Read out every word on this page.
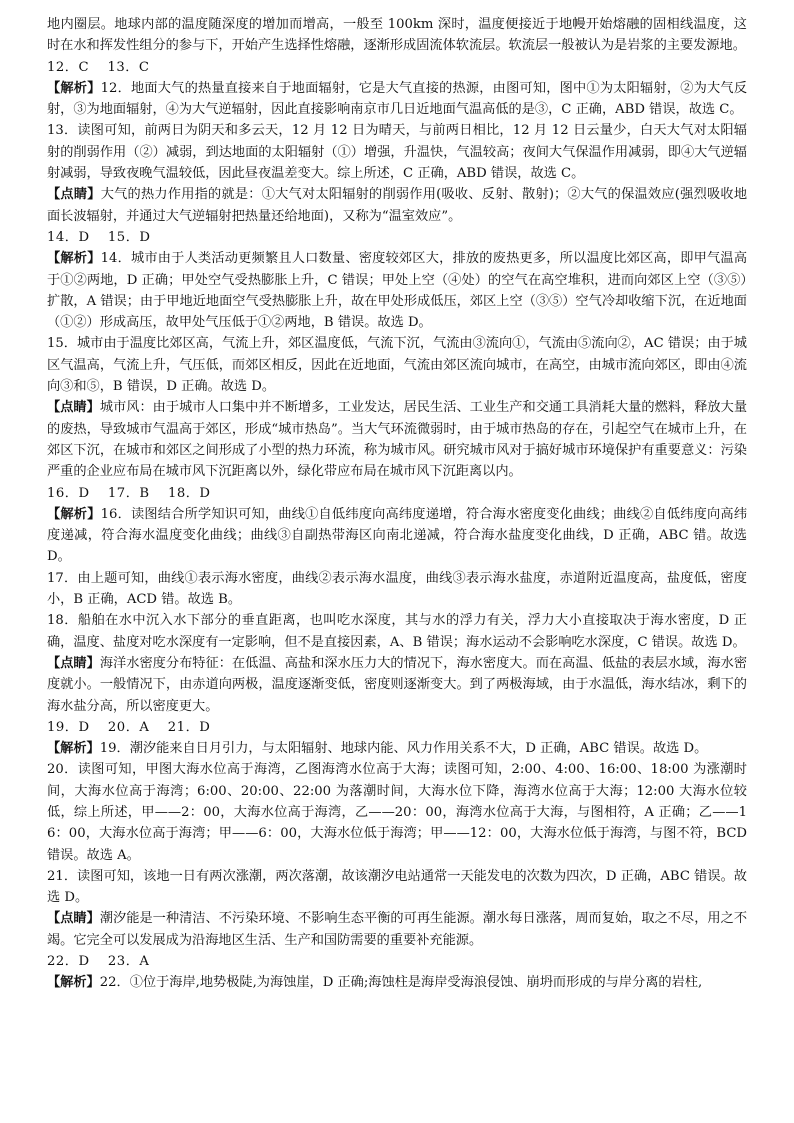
地内圈层。地球内部的温度随深度的增加而增高，一般至 100km 深时，温度便接近于地幔开始熔融的固相线温度，这时在水和挥发性组分的参与下，开始产生选择性熔融，逐渐形成固流体软流层。软流层一般被认为是岩浆的主要发源地。

12．C　 13．C

【解析】12．地面大气的热量直接来自于地面辐射，它是大气直接的热源，由图可知，图中①为太阳辐射，②为大气反射，③为地面辐射，④为大气逆辐射，因此直接影响南京市几日近地面气温高低的是③，C 正确，ABD 错误，故选 C。

13．读图可知，前两日为阴天和多云天，12 月 12 日为晴天，与前两日相比，12 月 12 日云量少，白天大气对太阳辐射的削弱作用（②）减弱，到达地面的太阳辐射（①）增强，升温快，气温较高；夜间大气保温作用减弱，即④大气逆辐射减弱，导致夜晚气温较低，因此昼夜温差变大。综上所述，C 正确，ABD 错误，故选 C。

【点睛】大气的热力作用指的就是：①大气对太阳辐射的削弱作用(吸收、反射、散射)；②大气的保温效应(强烈吸收地面长波辐射，并通过大气逆辐射把热量还给地面)，又称为“温室效应”。

14．D　 15．D

【解析】14．城市由于人类活动更频繁且人口数量、密度较郊区大，排放的废热更多，所以温度比郊区高，即甲气温高于①②两地，D 正确；甲处空气受热膨胀上升，C 错误；甲处上空（④处）的空气在高空堆积，进而向郊区上空（③⑤）扩散，A 错误；由于甲地近地面空气受热膨胀上升，故在甲处形成低压，郊区上空（③⑤）空气冷却收缩下沉，在近地面（①②）形成高压，故甲处气压低于①②两地，B 错误。故选 D。

15．城市由于温度比郊区高，气流上升，郊区温度低，气流下沉，气流由③流向①，气流由⑤流向②，AC 错误；由于城区气温高，气流上升，气压低，而郊区相反，因此在近地面，气流由郊区流向城市，在高空，由城市流向郊区，即由④流向③和⑤，B 错误，D 正确。故选 D。

【点睛】城市风：由于城市人口集中并不断增多，工业发达，居民生活、工业生产和交通工具消耗大量的燃料，释放大量的废热，导致城市气温高于郊区，形成“城市热岛”。当大气环流微弱时，由于城市热岛的存在，引起空气在城市上升，在郊区下沉，在城市和郊区之间形成了小型的热力环流，称为城市风。研究城市风对于搞好城市环境保护有重要意义：污染严重的企业应布局在城市风下沉距离以外，绿化带应布局在城市风下沉距离以内。

16．D　 17．B　 18．D

【解析】16．读图结合所学知识可知，曲线①自低纬度向高纬度递增，符合海水密度变化曲线；曲线②自低纬度向高纬度递减，符合海水温度变化曲线；曲线③自副热带海区向南北递减，符合海水盐度变化曲线，D 正确，ABC 错。故选 D。

17．由上题可知，曲线①表示海水密度，曲线②表示海水温度，曲线③表示海水盐度，赤道附近温度高，盐度低，密度小，B 正确，ACD 错。故选 B。

18．船舶在水中沉入水下部分的垂直距离，也叫吃水深度，其与水的浮力有关，浮力大小直接取决于海水密度，D 正确，温度、盐度对吃水深度有一定影响，但不是直接因素，A、B 错误；海水运动不会影响吃水深度，C 错误。故选 D。

【点睛】海洋水密度分布特征：在低温、高盐和深水压力大的情况下，海水密度大。而在高温、低盐的表层水域，海水密度就小。一般情况下，由赤道向两极，温度逐渐变低，密度则逐渐变大。到了两极海域，由于水温低，海水结冰，剩下的海水盐分高，所以密度更大。

19．D　 20．A　 21．D

【解析】19．潮汐能来自日月引力，与太阳辐射、地球内能、风力作用关系不大，D 正确，ABC 错误。故选 D。

20．读图可知，甲图大海水位高于海湾，乙图海湾水位高于大海；读图可知，2:00、4:00、16:00、18:00 为涨潮时间，大海水位高于海湾；6:00、20:00、22:00 为落潮时间，大海水位下降，海湾水位高于大海；12:00 大海水位较低，综上所述，甲——2：00，大海水位高于海湾，乙——20：00，海湾水位高于大海，与图相符，A 正确；乙——16：00，大海水位高于海湾；甲——6：00，大海水位低于海湾；甲——12：00，大海水位低于海湾，与图不符，BCD 错误。故选 A。

21．读图可知，该地一日有两次涨潮，两次落潮，故该潮汐电站通常一天能发电的次数为四次，D 正确，ABC 错误。故选 D。

【点睛】潮汐能是一种清洁、不污染环境、不影响生态平衡的可再生能源。潮水每日涨落，周而复始，取之不尽，用之不竭。它完全可以发展成为沿海地区生活、生产和国防需要的重要补充能源。

22．D　 23．A

【解析】22．①位于海岸,地势极陡,为海蚀崖，D 正确;海蚀柱是海岸受海浪侵蚀、崩坍而形成的与岸分离的岩柱,
